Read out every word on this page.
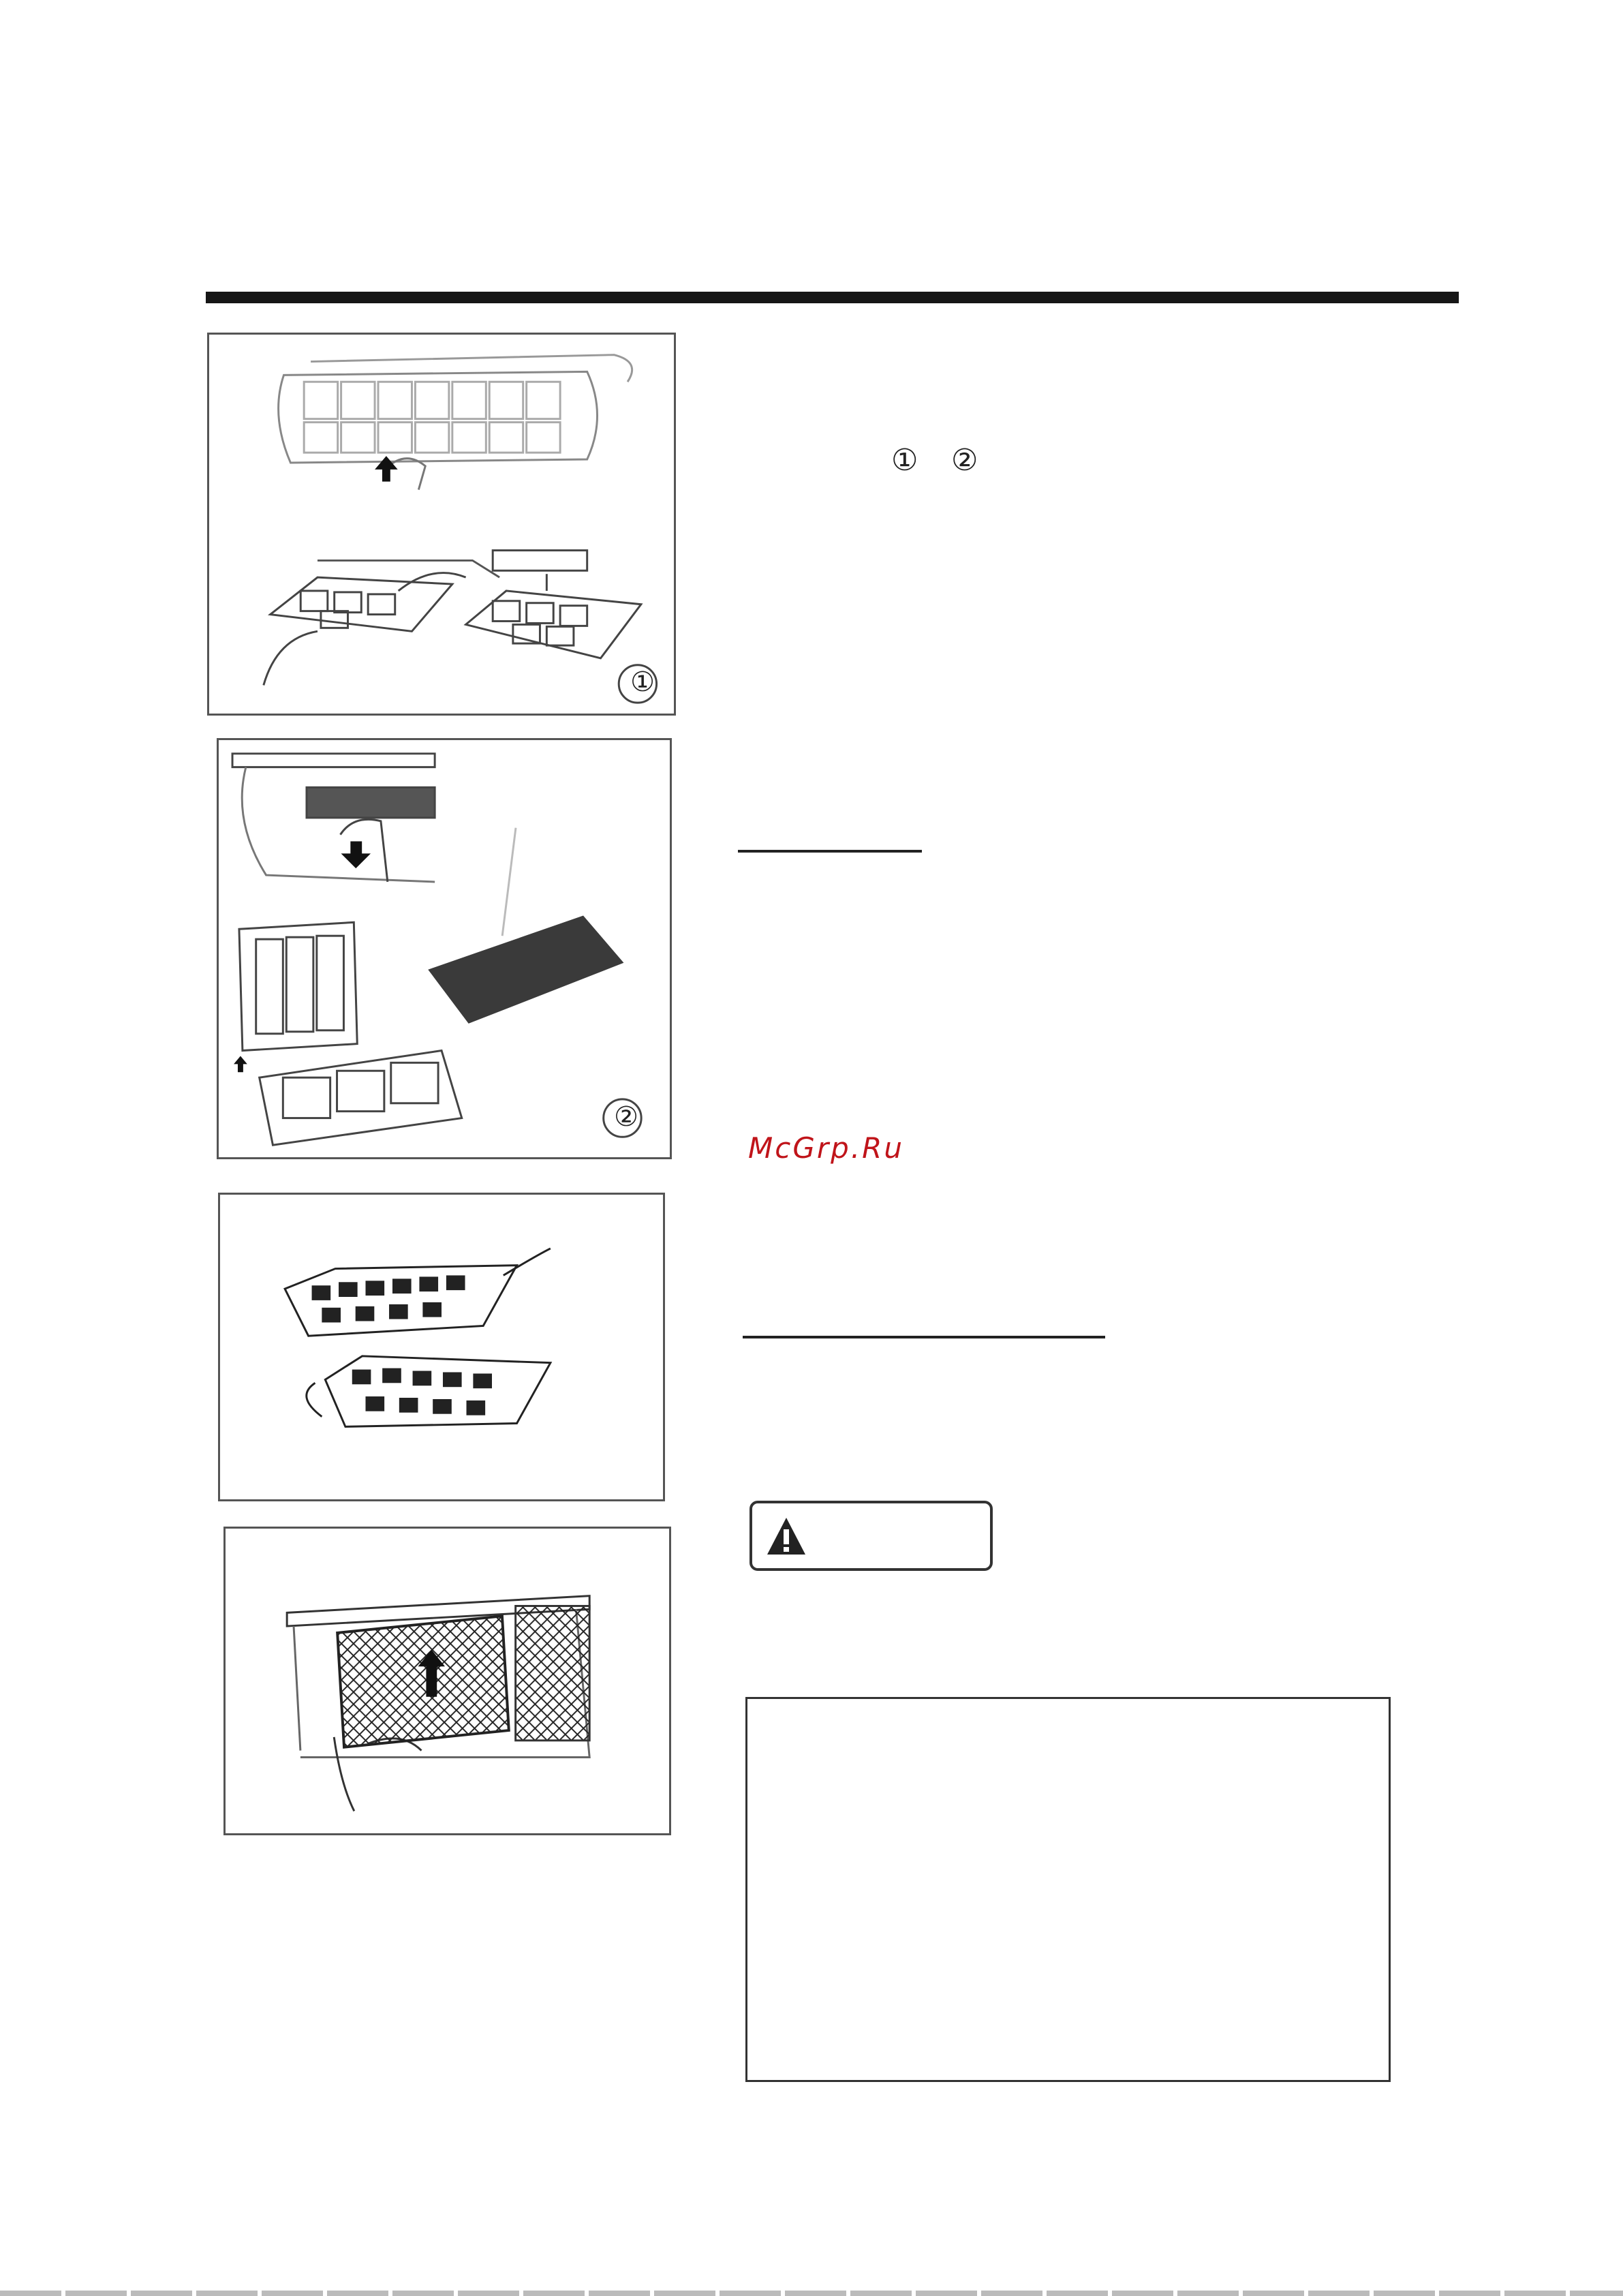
①
②
① ②
McGrp.Ru
